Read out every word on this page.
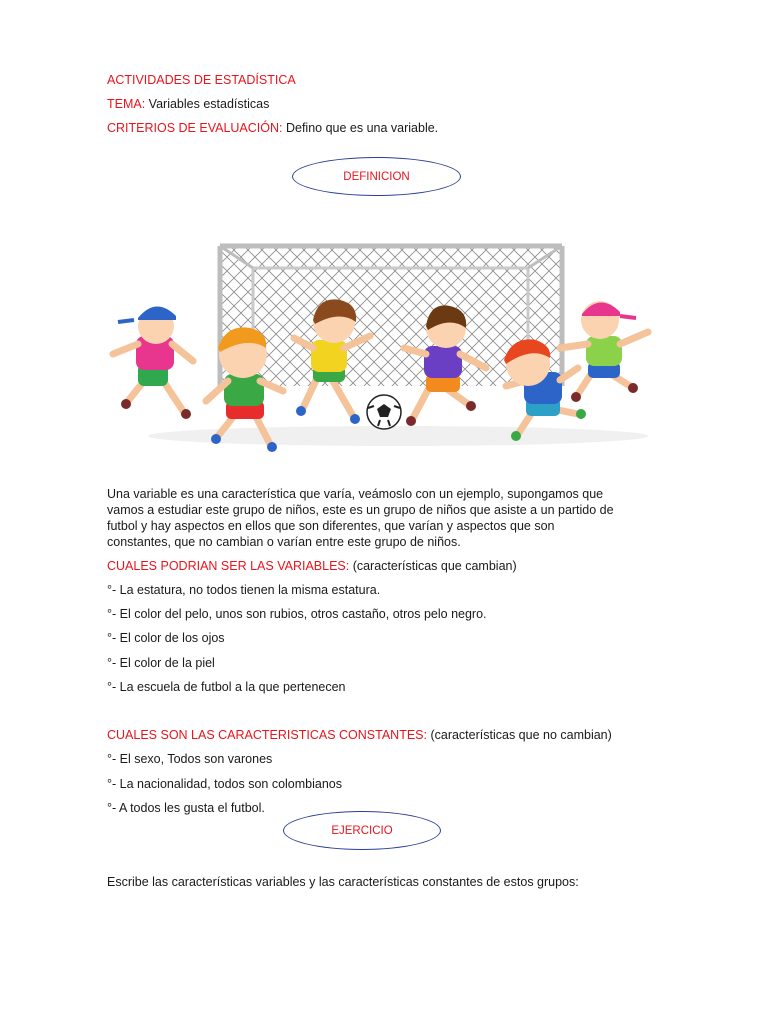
ACTIVIDADES DE ESTADÍSTICA
TEMA: Variables estadísticas
CRITERIOS DE EVALUACIÓN: Defino que es una variable.
DEFINICION
Una variable es una característica que varía, veámoslo con un ejemplo, supongamos que
vamos a estudiar este grupo de niños, este es un grupo de niños que asiste a un partido de
futbol y hay aspectos en ellos que son diferentes, que varían y aspectos que son
constantes, que no cambian o varían entre este grupo de niños.
CUALES PODRIAN SER LAS VARIABLES: (características que cambian)
°- La estatura, no todos tienen la misma estatura.
°- El color del pelo, unos son rubios, otros castaño, otros pelo negro.
°- El color de los ojos
°- El color de la piel
°- La escuela de futbol a la que pertenecen
CUALES SON LAS CARACTERISTICAS CONSTANTES: (características que no cambian)
°- El sexo, Todos son varones
°- La nacionalidad, todos son colombianos
°- A todos les gusta el futbol.
EJERCICIO
Escribe las características variables y las características constantes de estos grupos:
